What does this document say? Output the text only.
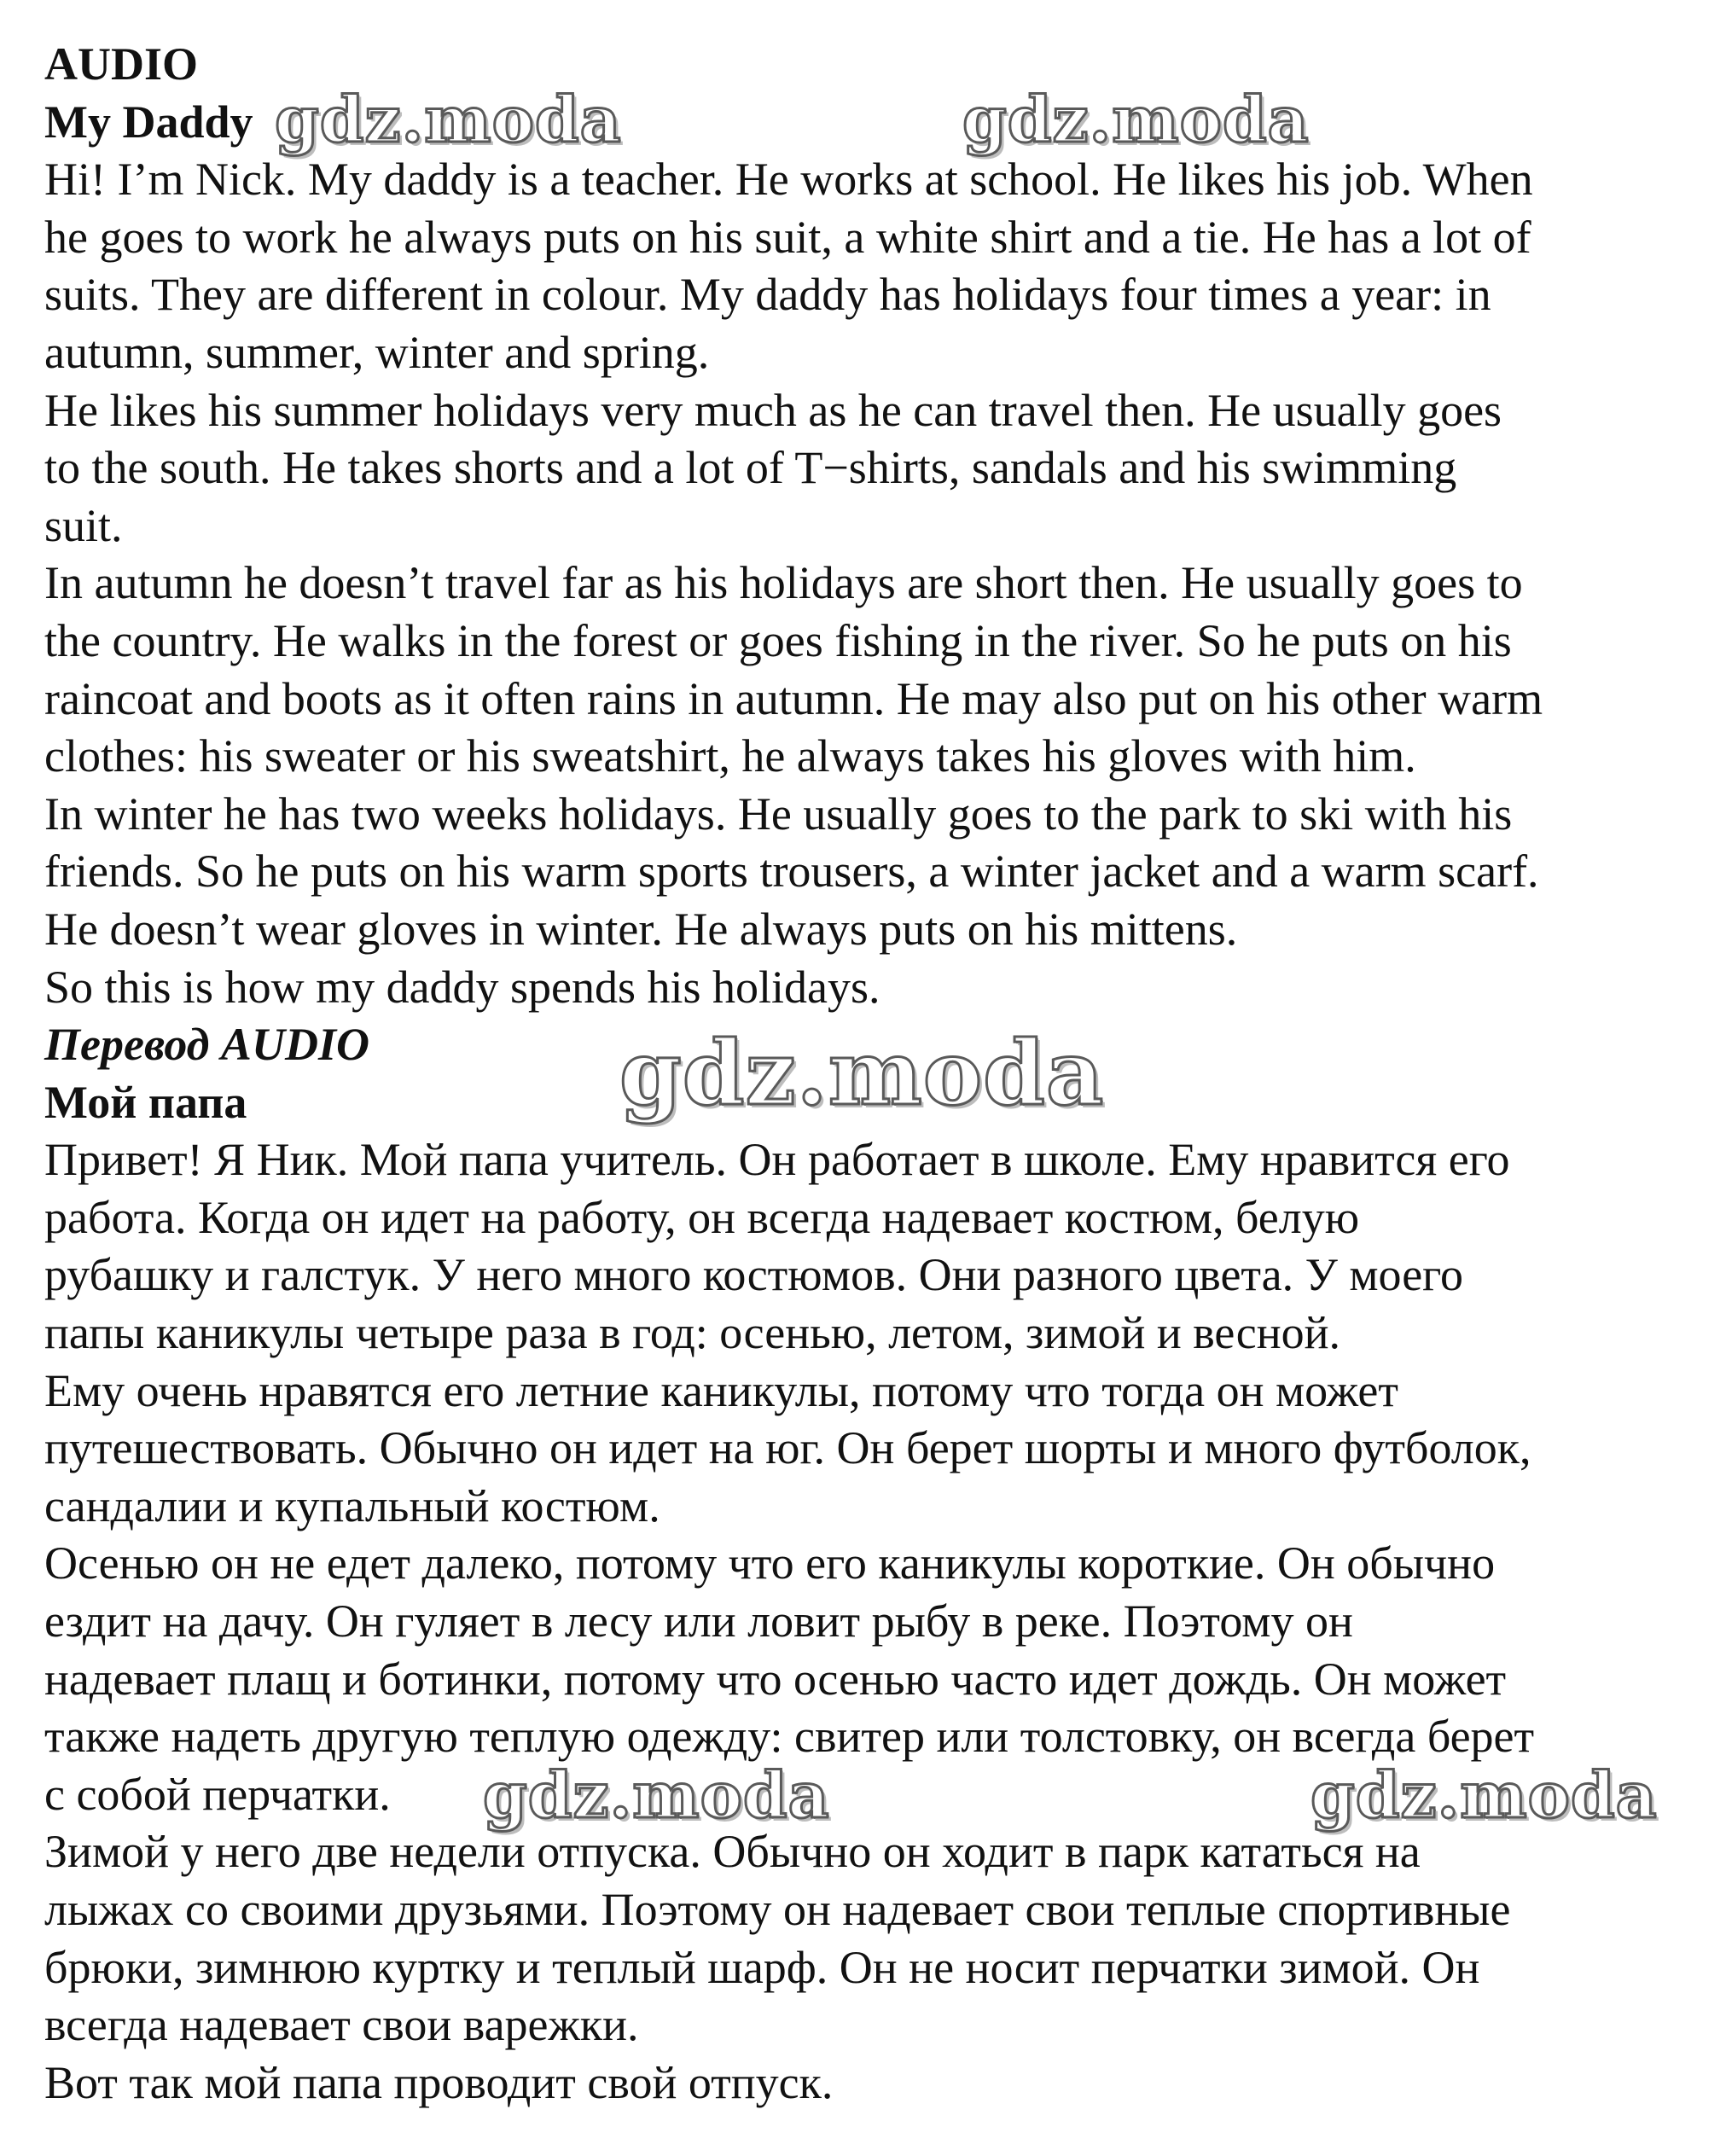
AUDIO
My Daddy
Hi! I’m Nick. My daddy is a teacher. He works at school. He likes his job. When
he goes to work he always puts on his suit, a white shirt and a tie. He has a lot of
suits. They are different in colour. My daddy has holidays four times a year: in
autumn, summer, winter and spring.
He likes his summer holidays very much as he can travel then. He usually goes
to the south. He takes shorts and a lot of T−shirts, sandals and his swimming
suit.
In autumn he doesn’t travel far as his holidays are short then. He usually goes to
the country. He walks in the forest or goes fishing in the river. So he puts on his
raincoat and boots as it often rains in autumn. He may also put on his other warm
clothes: his sweater or his sweatshirt, he always takes his gloves with him.
In winter he has two weeks holidays. He usually goes to the park to ski with his
friends. So he puts on his warm sports trousers, a winter jacket and a warm scarf.
He doesn’t wear gloves in winter. He always puts on his mittens.
So this is how my daddy spends his holidays.
Перевод AUDIO
Мой папа
Привет! Я Ник. Мой папа учитель. Он работает в школе. Ему нравится его
работа. Когда он идет на работу, он всегда надевает костюм, белую
рубашку и галстук. У него много костюмов. Они разного цвета. У моего
папы каникулы четыре раза в год: осенью, летом, зимой и весной.
Ему очень нравятся его летние каникулы, потому что тогда он может
путешествовать. Обычно он идет на юг. Он берет шорты и много футболок,
сандалии и купальный костюм.
Осенью он не едет далеко, потому что его каникулы короткие. Он обычно
ездит на дачу. Он гуляет в лесу или ловит рыбу в реке. Поэтому он
надевает плащ и ботинки, потому что осенью часто идет дождь. Он может
также надеть другую теплую одежду: свитер или толстовку, он всегда берет
с собой перчатки.
Зимой у него две недели отпуска. Обычно он ходит в парк кататься на
лыжах со своими друзьями. Поэтому он надевает свои теплые спортивные
брюки, зимнюю куртку и теплый шарф. Он не носит перчатки зимой. Он
всегда надевает свои варежки.
Вот так мой папа проводит свой отпуск.
gdz.moda	gdz.moda
gdz.moda
gdz.moda	gdz.moda
